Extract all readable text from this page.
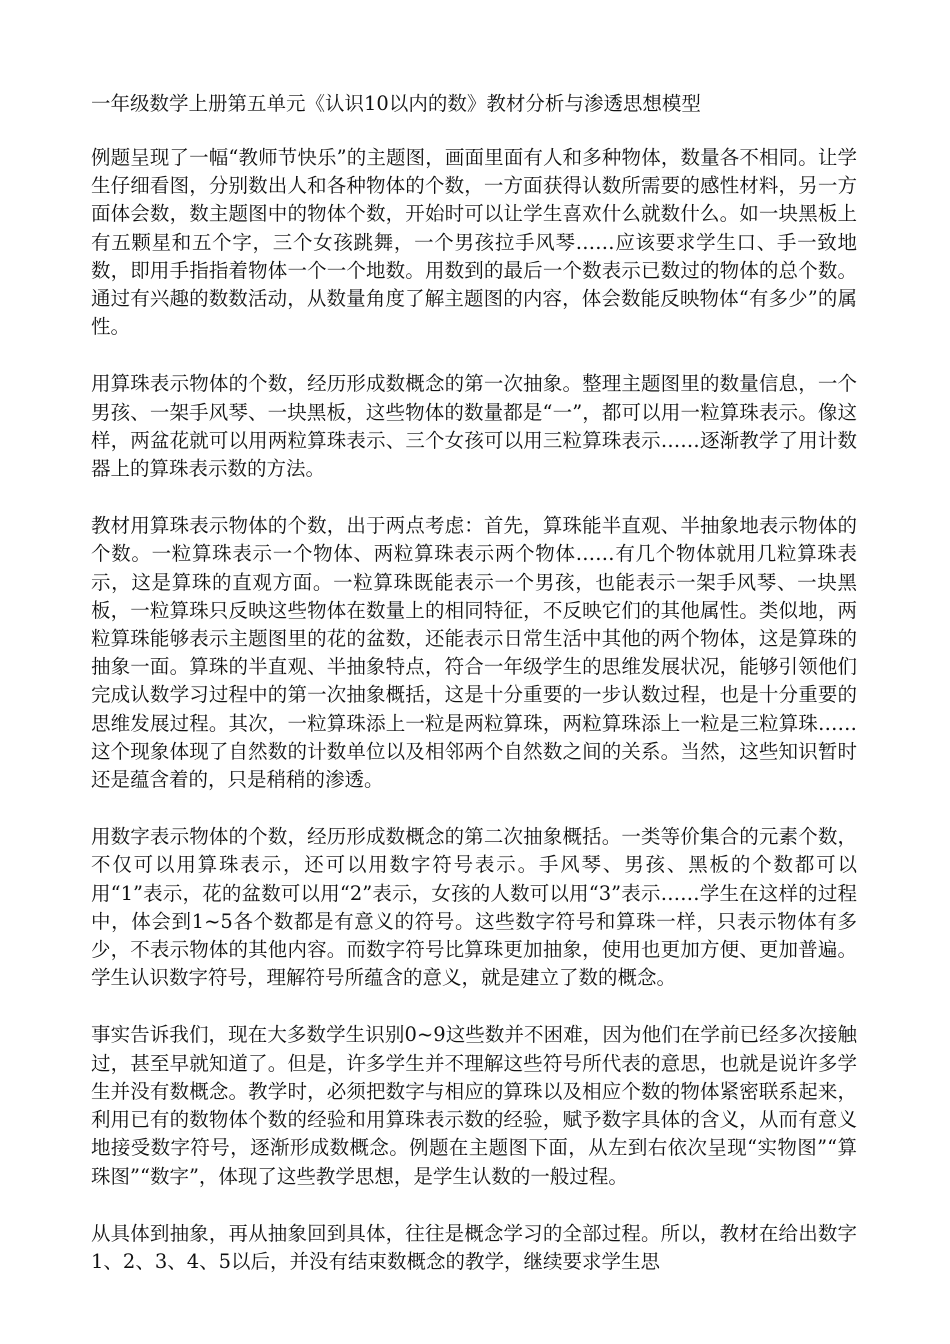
一年级数学上册第五单元《认识10以内的数》教材分析与渗透思想模型

例题呈现了一幅“教师节快乐”的主题图，画面里面有人和多种物体，数量各不相同。让学生仔细看图，分别数出人和各种物体的个数，一方面获得认数所需要的感性材料，另一方面体会数，数主题图中的物体个数，开始时可以让学生喜欢什么就数什么。如一块黑板上有五颗星和五个字，三个女孩跳舞，一个男孩拉手风琴……应该要求学生口、手一致地数，即用手指指着物体一个一个地数。用数到的最后一个数表示已数过的物体的总个数。通过有兴趣的数数活动，从数量角度了解主题图的内容，体会数能反映物体“有多少”的属性。

用算珠表示物体的个数，经历形成数概念的第一次抽象。整理主题图里的数量信息，一个男孩、一架手风琴、一块黑板，这些物体的数量都是“一”，都可以用一粒算珠表示。像这样，两盆花就可以用两粒算珠表示、三个女孩可以用三粒算珠表示……逐渐教学了用计数器上的算珠表示数的方法。

教材用算珠表示物体的个数，出于两点考虑：首先，算珠能半直观、半抽象地表示物体的个数。一粒算珠表示一个物体、两粒算珠表示两个物体……有几个物体就用几粒算珠表示，这是算珠的直观方面。一粒算珠既能表示一个男孩，也能表示一架手风琴、一块黑板，一粒算珠只反映这些物体在数量上的相同特征，不反映它们的其他属性。类似地，两粒算珠能够表示主题图里的花的盆数，还能表示日常生活中其他的两个物体，这是算珠的抽象一面。算珠的半直观、半抽象特点，符合一年级学生的思维发展状况，能够引领他们完成认数学习过程中的第一次抽象概括，这是十分重要的一步认数过程，也是十分重要的思维发展过程。其次，一粒算珠添上一粒是两粒算珠，两粒算珠添上一粒是三粒算珠……这个现象体现了自然数的计数单位以及相邻两个自然数之间的关系。当然，这些知识暂时还是蕴含着的，只是稍稍的渗透。

用数字表示物体的个数，经历形成数概念的第二次抽象概括。一类等价集合的元素个数，不仅可以用算珠表示，还可以用数字符号表示。手风琴、男孩、黑板的个数都可以用“1”表示，花的盆数可以用“2”表示，女孩的人数可以用“3”表示……学生在这样的过程中，体会到1~5各个数都是有意义的符号。这些数字符号和算珠一样，只表示物体有多少，不表示物体的其他内容。而数字符号比算珠更加抽象，使用也更加方便、更加普遍。学生认识数字符号，理解符号所蕴含的意义，就是建立了数的概念。

事实告诉我们，现在大多数学生识别0~9这些数并不困难，因为他们在学前已经多次接触过，甚至早就知道了。但是，许多学生并不理解这些符号所代表的意思，也就是说许多学生并没有数概念。教学时，必须把数字与相应的算珠以及相应个数的物体紧密联系起来，利用已有的数物体个数的经验和用算珠表示数的经验，赋予数字具体的含义，从而有意义地接受数字符号，逐渐形成数概念。例题在主题图下面，从左到右依次呈现“实物图”“算珠图”“数字”，体现了这些教学思想，是学生认数的一般过程。

从具体到抽象，再从抽象回到具体，往往是概念学习的全部过程。所以，教材在给出数字1、2、3、4、5以后，并没有结束数概念的教学，继续要求学生思
